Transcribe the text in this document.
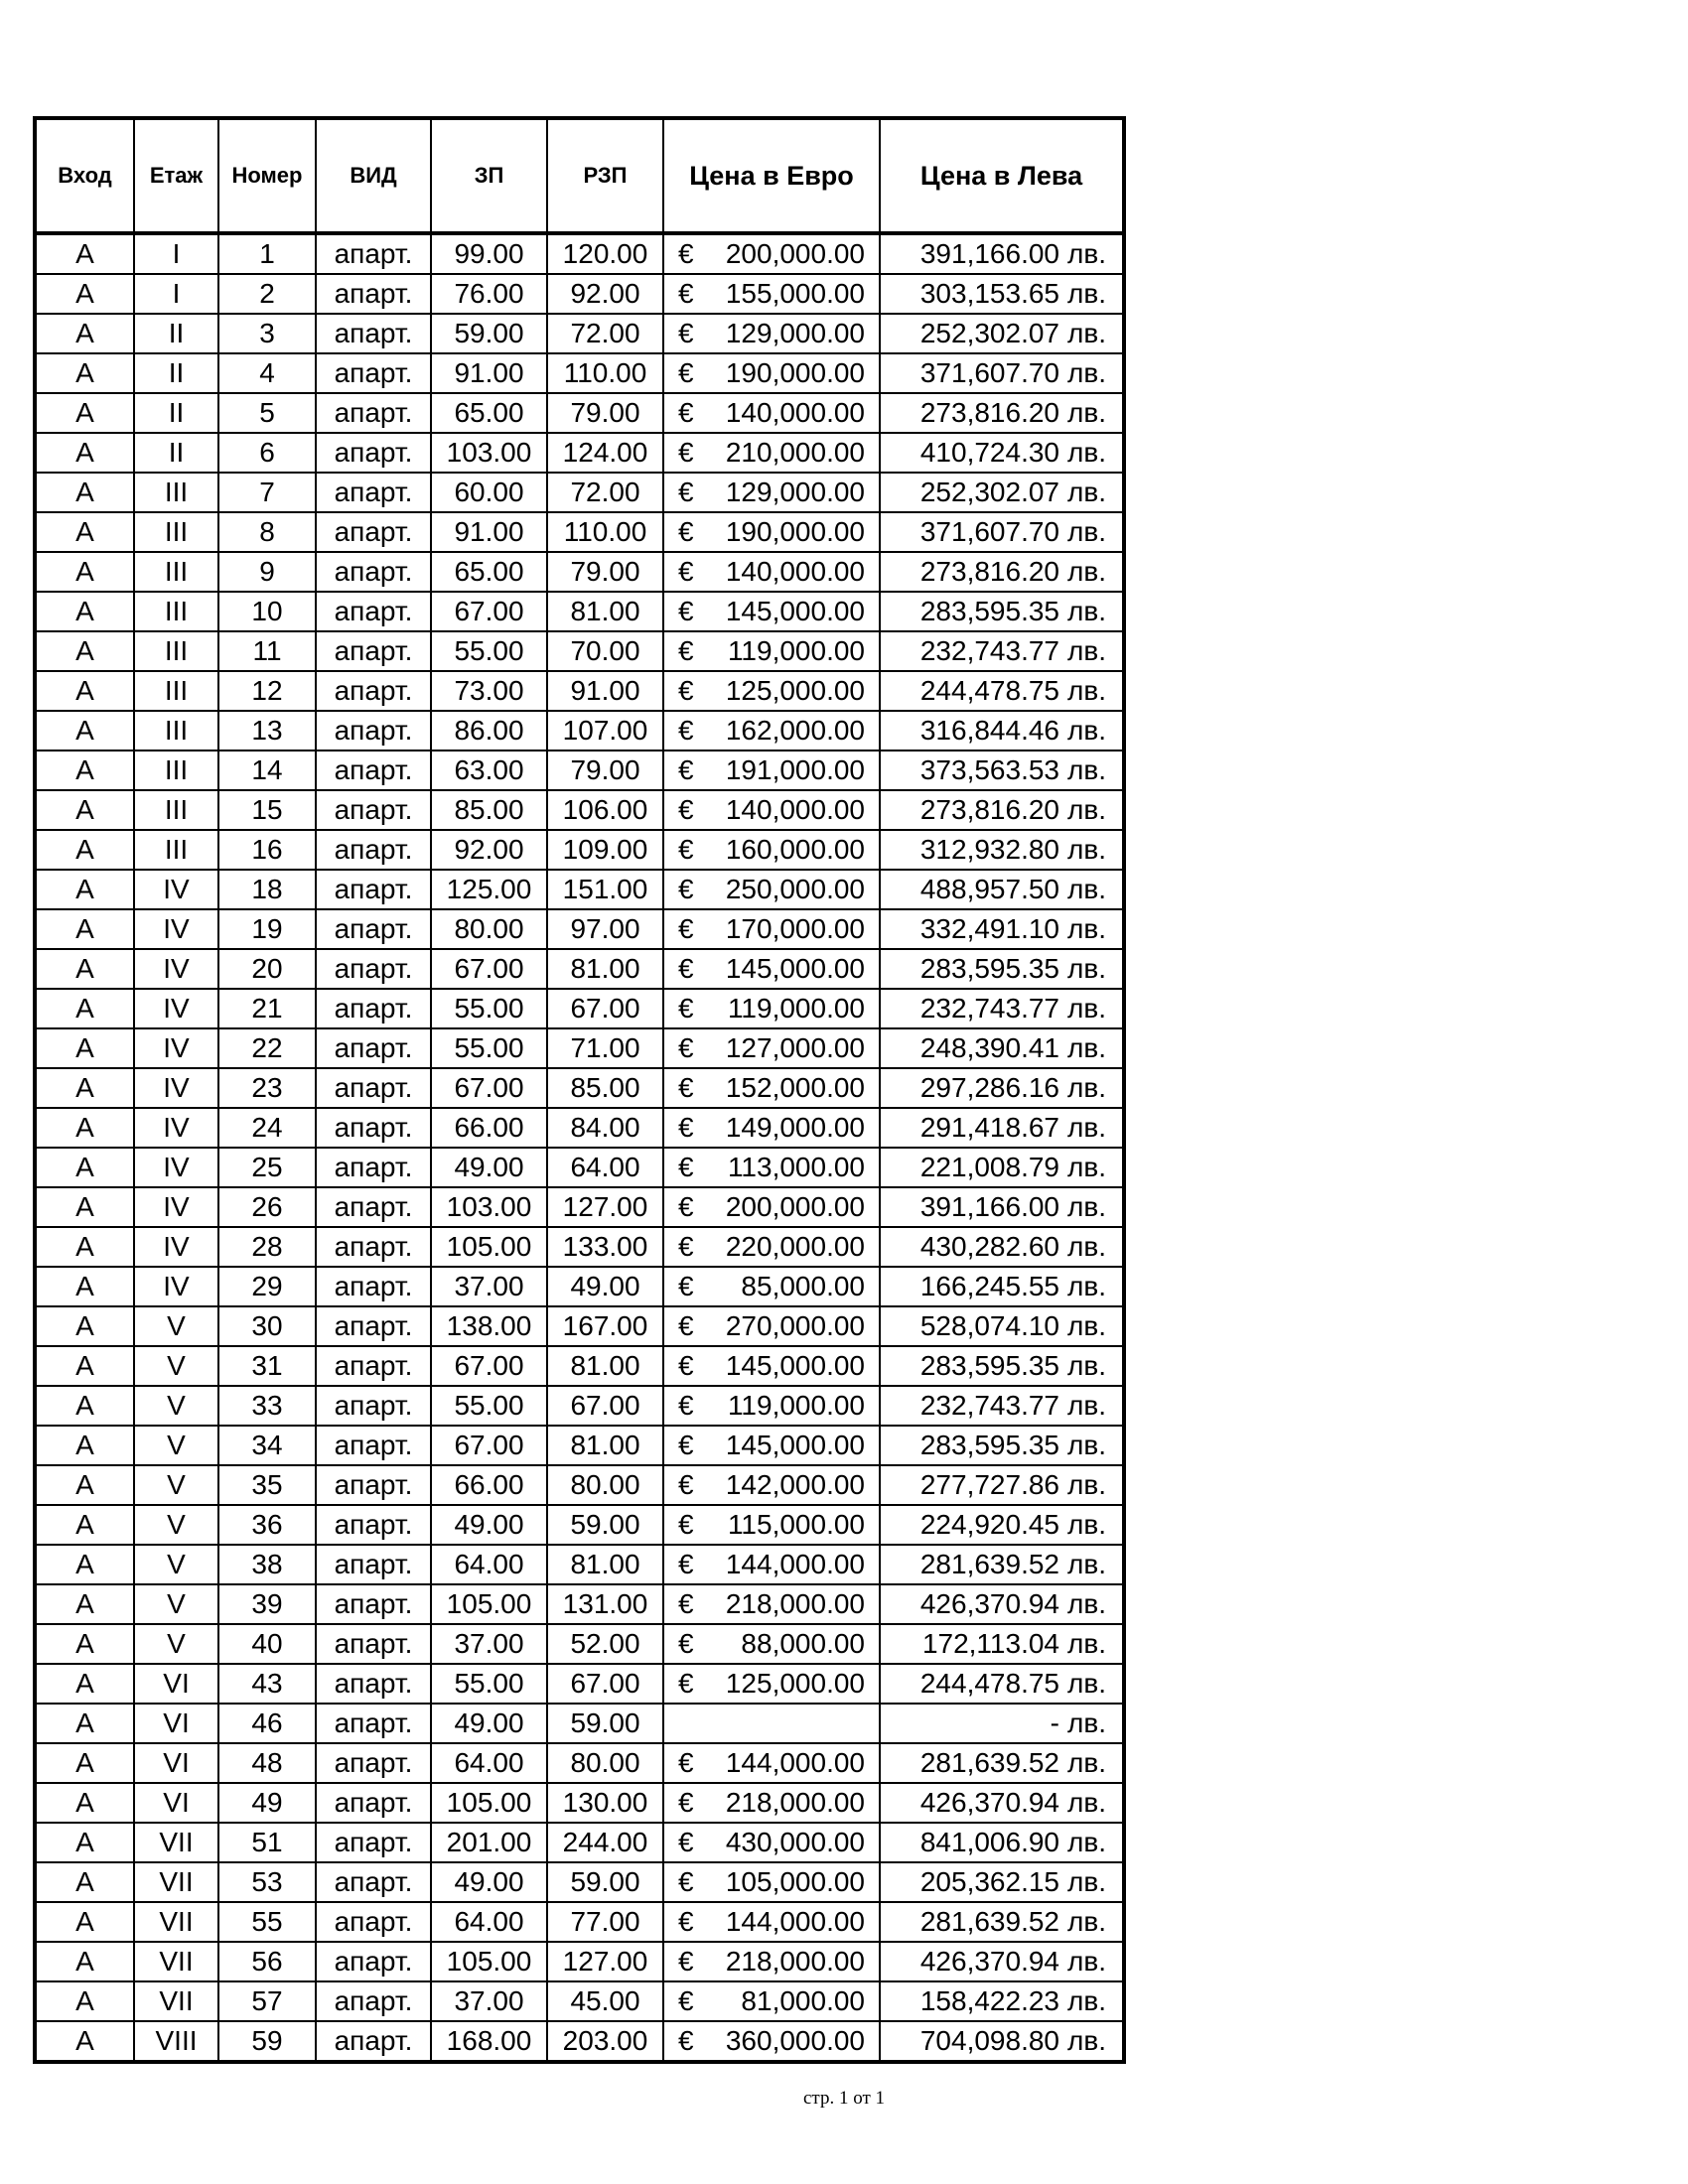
Вход	Етаж	Номер	ВИД	ЗП	РЗП	Цена в Евро	Цена в Лева
А	I	1	апарт.	99.00	120.00	€ 200,000.00	391,166.00 лв.
А	I	2	апарт.	76.00	92.00	€ 155,000.00	303,153.65 лв.
А	II	3	апарт.	59.00	72.00	€ 129,000.00	252,302.07 лв.
А	II	4	апарт.	91.00	110.00	€ 190,000.00	371,607.70 лв.
А	II	5	апарт.	65.00	79.00	€ 140,000.00	273,816.20 лв.
А	II	6	апарт.	103.00	124.00	€ 210,000.00	410,724.30 лв.
А	III	7	апарт.	60.00	72.00	€ 129,000.00	252,302.07 лв.
А	III	8	апарт.	91.00	110.00	€ 190,000.00	371,607.70 лв.
А	III	9	апарт.	65.00	79.00	€ 140,000.00	273,816.20 лв.
А	III	10	апарт.	67.00	81.00	€ 145,000.00	283,595.35 лв.
А	III	11	апарт.	55.00	70.00	€ 119,000.00	232,743.77 лв.
А	III	12	апарт.	73.00	91.00	€ 125,000.00	244,478.75 лв.
А	III	13	апарт.	86.00	107.00	€ 162,000.00	316,844.46 лв.
А	III	14	апарт.	63.00	79.00	€ 191,000.00	373,563.53 лв.
А	III	15	апарт.	85.00	106.00	€ 140,000.00	273,816.20 лв.
А	III	16	апарт.	92.00	109.00	€ 160,000.00	312,932.80 лв.
А	IV	18	апарт.	125.00	151.00	€ 250,000.00	488,957.50 лв.
А	IV	19	апарт.	80.00	97.00	€ 170,000.00	332,491.10 лв.
А	IV	20	апарт.	67.00	81.00	€ 145,000.00	283,595.35 лв.
А	IV	21	апарт.	55.00	67.00	€ 119,000.00	232,743.77 лв.
А	IV	22	апарт.	55.00	71.00	€ 127,000.00	248,390.41 лв.
А	IV	23	апарт.	67.00	85.00	€ 152,000.00	297,286.16 лв.
А	IV	24	апарт.	66.00	84.00	€ 149,000.00	291,418.67 лв.
А	IV	25	апарт.	49.00	64.00	€ 113,000.00	221,008.79 лв.
А	IV	26	апарт.	103.00	127.00	€ 200,000.00	391,166.00 лв.
А	IV	28	апарт.	105.00	133.00	€ 220,000.00	430,282.60 лв.
А	IV	29	апарт.	37.00	49.00	€ 85,000.00	166,245.55 лв.
А	V	30	апарт.	138.00	167.00	€ 270,000.00	528,074.10 лв.
А	V	31	апарт.	67.00	81.00	€ 145,000.00	283,595.35 лв.
А	V	33	апарт.	55.00	67.00	€ 119,000.00	232,743.77 лв.
А	V	34	апарт.	67.00	81.00	€ 145,000.00	283,595.35 лв.
А	V	35	апарт.	66.00	80.00	€ 142,000.00	277,727.86 лв.
А	V	36	апарт.	49.00	59.00	€ 115,000.00	224,920.45 лв.
А	V	38	апарт.	64.00	81.00	€ 144,000.00	281,639.52 лв.
А	V	39	апарт.	105.00	131.00	€ 218,000.00	426,370.94 лв.
А	V	40	апарт.	37.00	52.00	€ 88,000.00	172,113.04 лв.
А	VI	43	апарт.	55.00	67.00	€ 125,000.00	244,478.75 лв.
А	VI	46	апарт.	49.00	59.00		- лв.
А	VI	48	апарт.	64.00	80.00	€ 144,000.00	281,639.52 лв.
А	VI	49	апарт.	105.00	130.00	€ 218,000.00	426,370.94 лв.
А	VII	51	апарт.	201.00	244.00	€ 430,000.00	841,006.90 лв.
А	VII	53	апарт.	49.00	59.00	€ 105,000.00	205,362.15 лв.
А	VII	55	апарт.	64.00	77.00	€ 144,000.00	281,639.52 лв.
А	VII	56	апарт.	105.00	127.00	€ 218,000.00	426,370.94 лв.
А	VII	57	апарт.	37.00	45.00	€ 81,000.00	158,422.23 лв.
А	VIII	59	апарт.	168.00	203.00	€ 360,000.00	704,098.80 лв.
стр. 1 от 1
